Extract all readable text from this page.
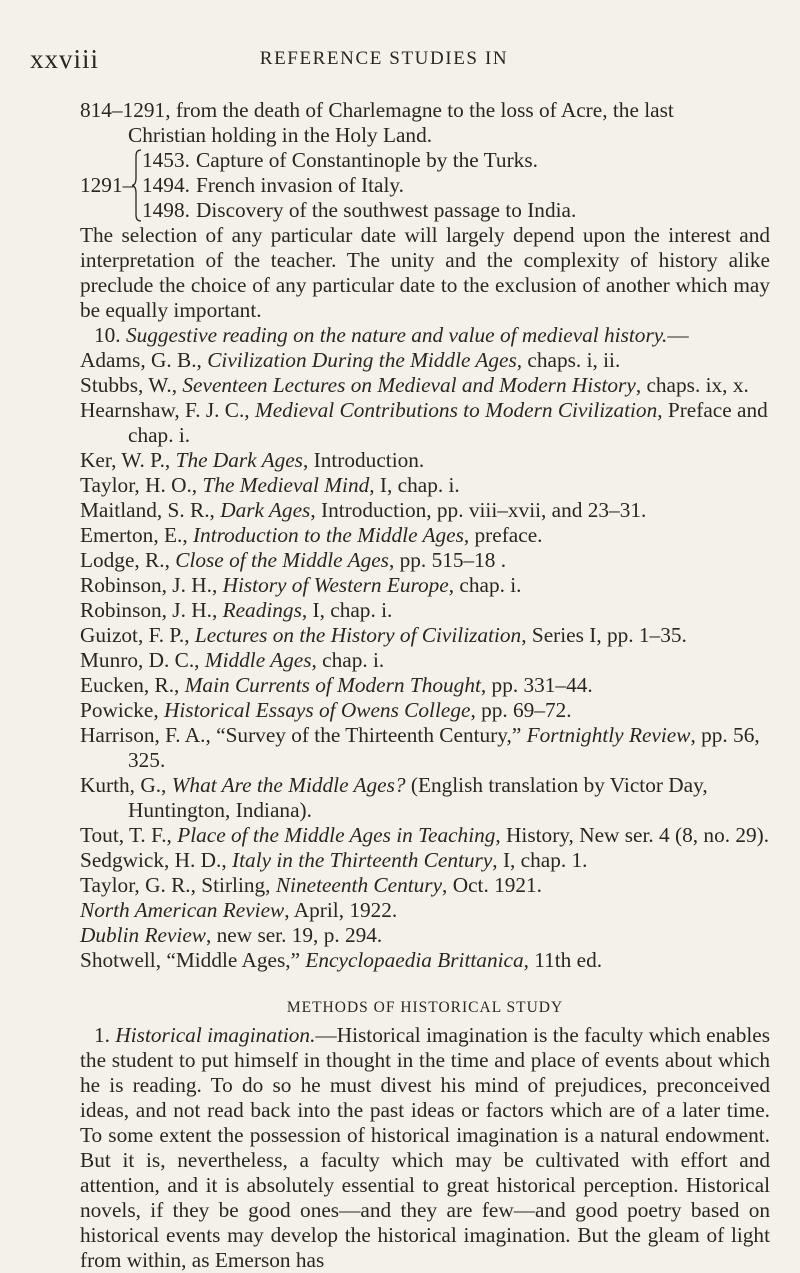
xxviii	REFERENCE STUDIES IN
814–1291, from the death of Charlemagne to the loss of Acre, the last
Christian holding in the Holy Land.
1291–
1453. Capture of Constantinople by the Turks.
1494. French invasion of Italy.
1498. Discovery of the southwest passage to India.

The selection of any particular date will largely depend upon the interest and interpretation of the teacher. The unity and the complexity of history alike preclude the choice of any particular date to the exclusion of another which may be equally important.

10. Suggestive reading on the nature and value of medieval history.—

Adams, G. B., Civilization During the Middle Ages, chaps. i, ii.

Stubbs, W., Seventeen Lectures on Medieval and Modern History, chaps. ix, x.

Hearnshaw, F. J. C., Medieval Contributions to Modern Civilization, Preface and chap. i.

Ker, W. P., The Dark Ages, Introduction.

Taylor, H. O., The Medieval Mind, I, chap. i.

Maitland, S. R., Dark Ages, Introduction, pp. viii–xvii, and 23–31.

Emerton, E., Introduction to the Middle Ages, preface.

Lodge, R., Close of the Middle Ages, pp. 515–18 .

Robinson, J. H., History of Western Europe, chap. i.

Robinson, J. H., Readings, I, chap. i.

Guizot, F. P., Lectures on the History of Civilization, Series I, pp. 1–35.

Munro, D. C., Middle Ages, chap. i.

Eucken, R., Main Currents of Modern Thought, pp. 331–44.

Powicke, Historical Essays of Owens College, pp. 69–72.

Harrison, F. A., “Survey of the Thirteenth Century,” Fortnightly Review, pp. 56, 325.

Kurth, G., What Are the Middle Ages? (English translation by Victor Day, Huntington, Indiana).

Tout, T. F., Place of the Middle Ages in Teaching, History, New ser. 4 (8, no. 29).

Sedgwick, H. D., Italy in the Thirteenth Century, I, chap. 1.

Taylor, G. R., Stirling, Nineteenth Century, Oct. 1921.

North American Review, April, 1922.

Dublin Review, new ser. 19, p. 294.

Shotwell, “Middle Ages,” Encyclopaedia Brittanica, 11th ed.

METHODS OF HISTORICAL STUDY

1. Historical imagination.—Historical imagination is the faculty which enables the student to put himself in thought in the time and place of events about which he is reading. To do so he must divest his mind of prejudices, preconceived ideas, and not read back into the past ideas or factors which are of a later time. To some extent the possession of historical imagination is a natural endowment. But it is, nevertheless, a faculty which may be cultivated with effort and attention, and it is absolutely essential to great historical perception. Historical novels, if they be good ones—and they are few—and good poetry based on historical events may develop the historical imagination. But the gleam of light from within, as Emerson has
